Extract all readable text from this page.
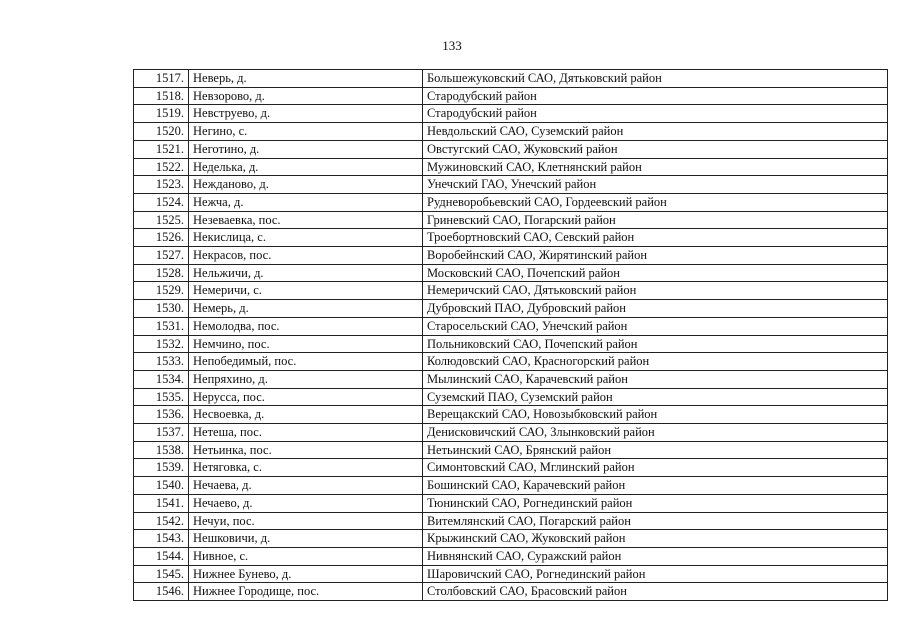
133
1517.	Неверь, д.	Большежуковский САО, Дятьковский район
1518.	Невзорово, д.	Стародубский район
1519.	Невструево, д.	Стародубский район
1520.	Негино, с.	Невдольский САО, Суземский район
1521.	Неготино, д.	Овстугский САО, Жуковский район
1522.	Неделька, д.	Мужиновский САО, Клетнянский район
1523.	Нежданово, д.	Унечский ГАО, Унечский район
1524.	Нежча, д.	Рудневоробьевский САО, Гордеевский район
1525.	Незеваевка, пос.	Гриневский САО, Погарский район
1526.	Некислица, с.	Троебортновский САО, Севский район
1527.	Некрасов, пос.	Воробейнский САО, Жирятинский район
1528.	Нельжичи, д.	Московский САО, Почепский район
1529.	Немеричи, с.	Немеричский САО, Дятьковский район
1530.	Немерь, д.	Дубровский ПАО, Дубровский район
1531.	Немолодва, пос.	Старосельский САО, Унечский район
1532.	Немчино, пос.	Польниковский САО, Почепский район
1533.	Непобедимый, пос.	Колюдовский САО, Красногорский район
1534.	Непряхино, д.	Мылинский САО, Карачевский район
1535.	Нерусса, пос.	Суземский ПАО, Суземский район
1536.	Несвоевка, д.	Верещакский САО, Новозыбковский район
1537.	Нетеша, пос.	Денисковичский САО, Злынковский район
1538.	Нетьинка, пос.	Нетьинский САО, Брянский район
1539.	Нетяговка, с.	Симонтовский САО, Мглинский район
1540.	Нечаева, д.	Бошинский САО, Карачевский район
1541.	Нечаево, д.	Тюнинский САО, Рогнединский район
1542.	Нечуи, пос.	Витемлянский САО, Погарский район
1543.	Нешковичи, д.	Крыжинский САО, Жуковский район
1544.	Нивное, с.	Нивнянский САО, Суражский район
1545.	Нижнее Бунево, д.	Шаровичский САО, Рогнединский район
1546.	Нижнее Городище, пос.	Столбовский САО, Брасовский район
